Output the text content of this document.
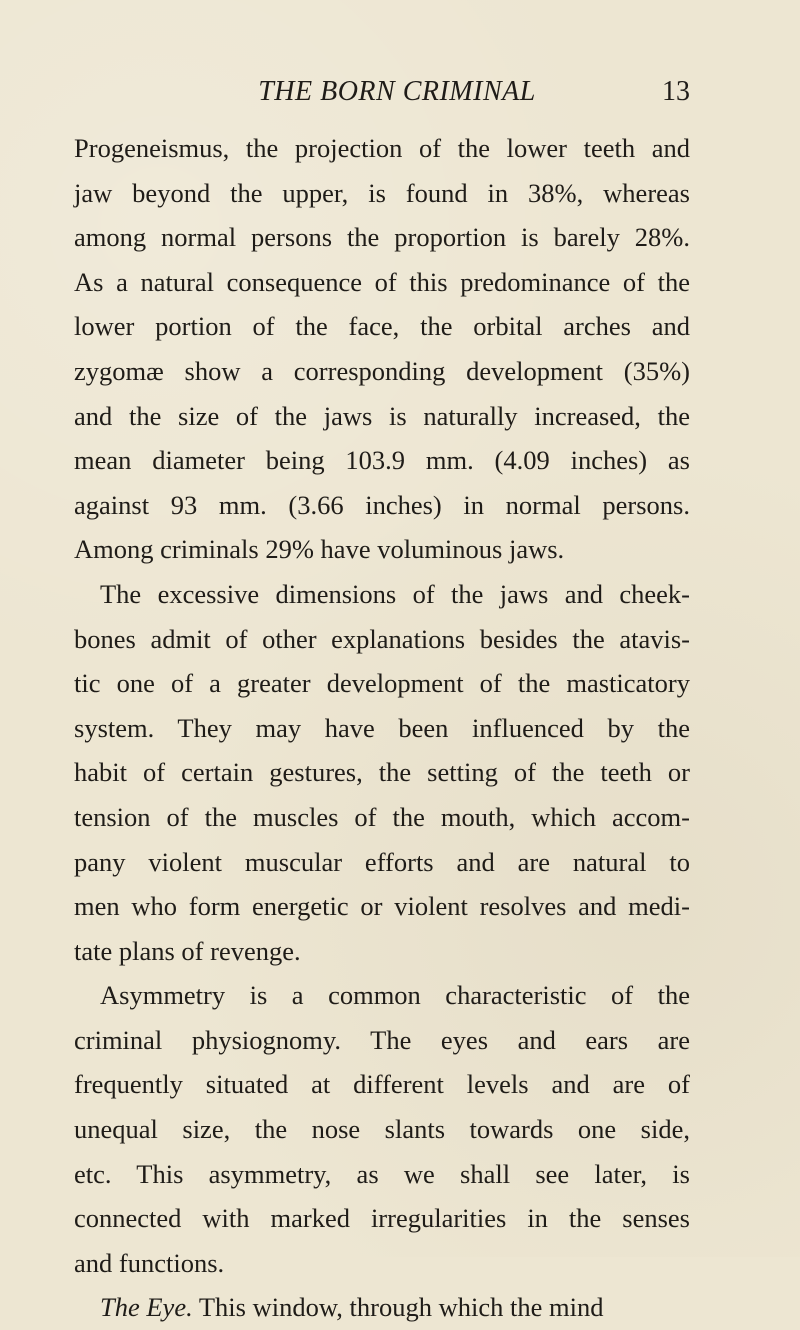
THE BORN CRIMINAL	13
Progeneismus, the projection of the lower teeth and
jaw beyond the upper, is found in 38%, whereas
among normal persons the proportion is barely 28%.
As a natural consequence of this predominance of the
lower portion of the face, the orbital arches and
zygomæ show a corresponding development (35%)
and the size of the jaws is naturally increased, the
mean diameter being 103.9 mm. (4.09 inches) as
against 93 mm. (3.66 inches) in normal persons.
Among criminals 29% have voluminous jaws.
The excessive dimensions of the jaws and cheek-
bones admit of other explanations besides the atavis-
tic one of a greater development of the masticatory
system. They may have been influenced by the
habit of certain gestures, the setting of the teeth or
tension of the muscles of the mouth, which accom-
pany violent muscular efforts and are natural to
men who form energetic or violent resolves and medi-
tate plans of revenge.
Asymmetry is a common characteristic of the
criminal physiognomy. The eyes and ears are
frequently situated at different levels and are of
unequal size, the nose slants towards one side,
etc. This asymmetry, as we shall see later, is
connected with marked irregularities in the senses
and functions.
The Eye. This window, through which the mind
